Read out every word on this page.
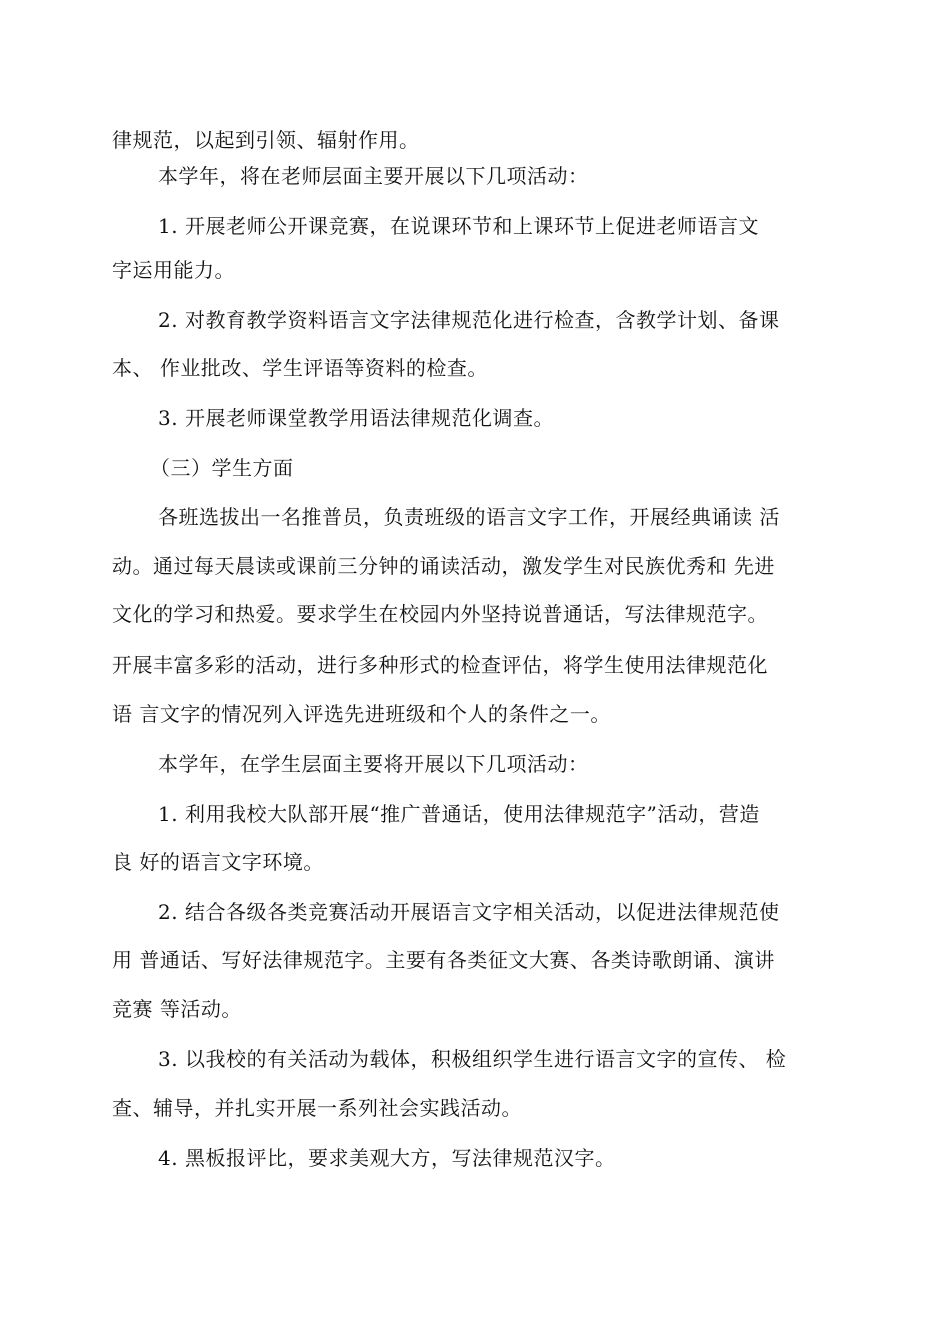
律规范，以起到引领、辐射作用。
本学年，将在老师层面主要开展以下几项活动：
1. 开展老师公开课竞赛，在说课环节和上课环节上促进老师语言文
字运用能力。
2. 对教育教学资料语言文字法律规范化进行检查，含教学计划、备课
本、 作业批改、学生评语等资料的检查。
3. 开展老师课堂教学用语法律规范化调查。
（三）学生方面
各班选拔出一名推普员，负责班级的语言文字工作，开展经典诵读 活
动。通过每天晨读或课前三分钟的诵读活动，激发学生对民族优秀和 先进
文化的学习和热爱。要求学生在校园内外坚持说普通话，写法律规范字。
开展丰富多彩的活动，进行多种形式的检查评估，将学生使用法律规范化
语 言文字的情况列入评选先进班级和个人的条件之一。
本学年，在学生层面主要将开展以下几项活动：
1. 利用我校大队部开展“推广普通话，使用法律规范字”活动，营造
良 好的语言文字环境。
2. 结合各级各类竞赛活动开展语言文字相关活动，以促进法律规范使
用 普通话、写好法律规范字。主要有各类征文大赛、各类诗歌朗诵、演讲
竞赛 等活动。
3. 以我校的有关活动为载体，积极组织学生进行语言文字的宣传、 检
查、辅导，并扎实开展一系列社会实践活动。
4. 黑板报评比，要求美观大方，写法律规范汉字。
